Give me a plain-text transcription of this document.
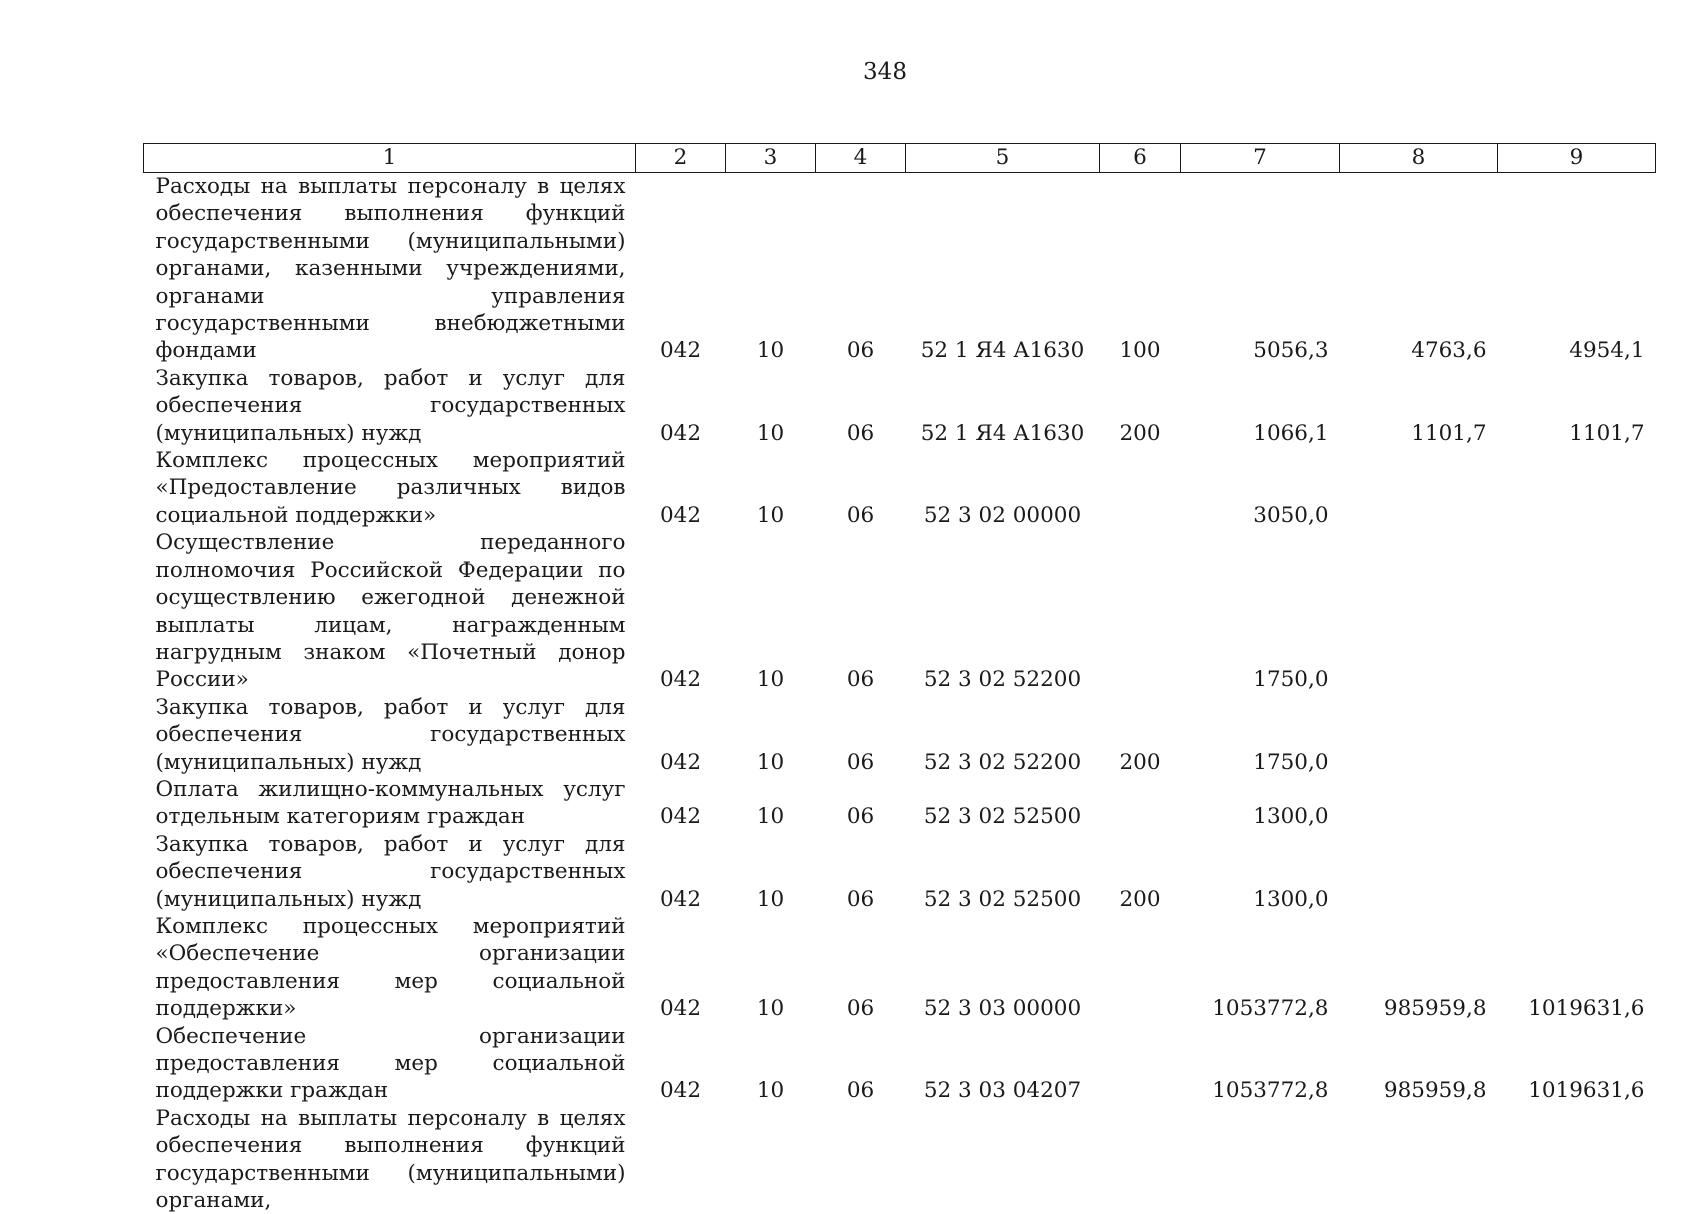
348
1	2	3	4	5	6	7	8	9
Расходы на выплаты персоналу в целях обеспечения выполнения функций государственными (муниципальными) органами, казенными учреждениями, органами управления государственными внебюджетными фондами	042	10	06	52 1 Я4 А1630	100	5056,3	4763,6	4954,1
Закупка товаров, работ и услуг для обеспечения государственных (муниципальных) нужд	042	10	06	52 1 Я4 А1630	200	1066,1	1101,7	1101,7
Комплекс процессных мероприятий «Предоставление различных видов социальной поддержки»	042	10	06	52 3 02 00000		3050,0		
Осуществление переданного полномочия Российской Федерации по осуществлению ежегодной денежной выплаты лицам, награжденным нагрудным знаком «Почетный донор России»	042	10	06	52 3 02 52200		1750,0		
Закупка товаров, работ и услуг для обеспечения государственных (муниципальных) нужд	042	10	06	52 3 02 52200	200	1750,0		
Оплата жилищно-коммунальных услуг отдельным категориям граждан	042	10	06	52 3 02 52500		1300,0		
Закупка товаров, работ и услуг для обеспечения государственных (муниципальных) нужд	042	10	06	52 3 02 52500	200	1300,0		
Комплекс процессных мероприятий «Обеспечение организации предоставления мер социальной поддержки»	042	10	06	52 3 03 00000		1053772,8	985959,8	1019631,6
Обеспечение организации предоставления мер социальной поддержки граждан	042	10	06	52 3 03 04207		1053772,8	985959,8	1019631,6
Расходы на выплаты персоналу в целях обеспечения выполнения функций государственными (муниципальными) органами,								
